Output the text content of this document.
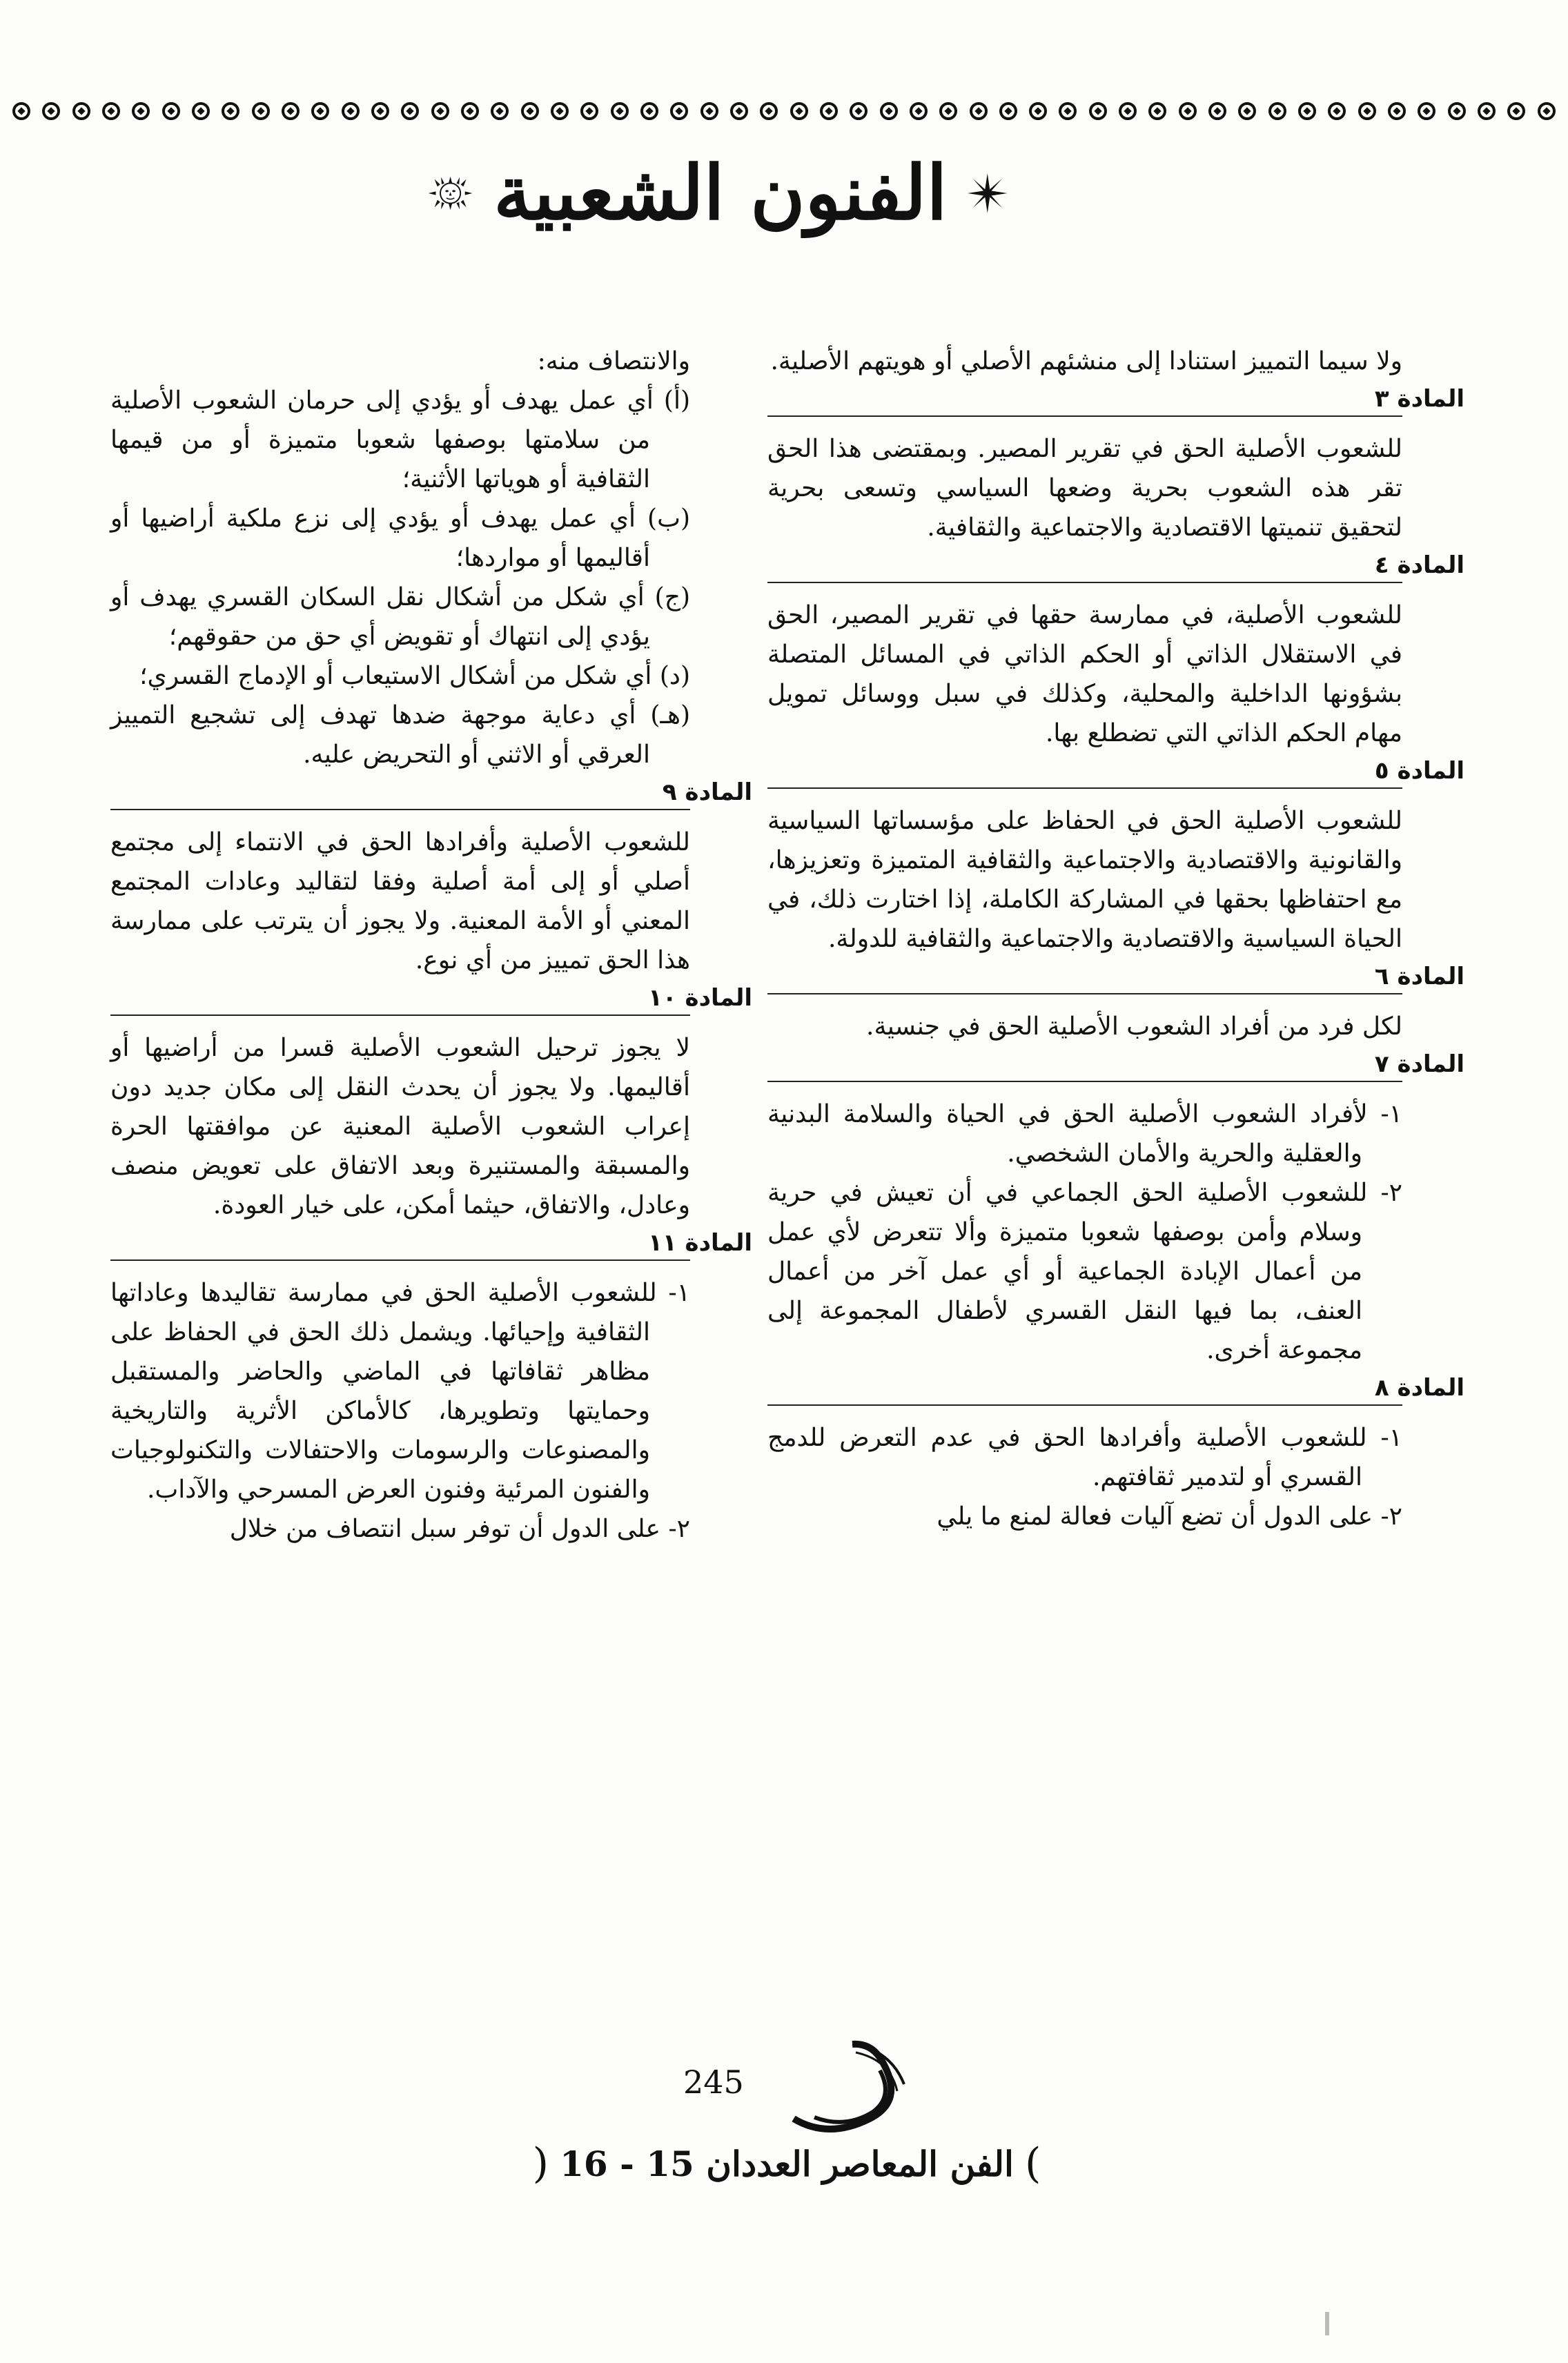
الفنون الشعبية

ولا سيما التمييز استنادا إلى منشئهم الأصلي أو هويتهم الأصلية.

المادة ٣

للشعوب الأصلية الحق في تقرير المصير. وبمقتضى هذا الحق تقر هذه الشعوب بحرية وضعها السياسي وتسعى بحرية لتحقيق تنميتها الاقتصادية والاجتماعية والثقافية.

المادة ٤

للشعوب الأصلية، في ممارسة حقها في تقرير المصير، الحق في الاستقلال الذاتي أو الحكم الذاتي في المسائل المتصلة بشؤونها الداخلية والمحلية، وكذلك في سبل ووسائل تمويل مهام الحكم الذاتي التي تضطلع بها.

المادة ٥

للشعوب الأصلية الحق في الحفاظ على مؤسساتها السياسية والقانونية والاقتصادية والاجتماعية والثقافية المتميزة وتعزيزها، مع احتفاظها بحقها في المشاركة الكاملة، إذا اختارت ذلك، في الحياة السياسية والاقتصادية والاجتماعية والثقافية للدولة.

المادة ٦

لكل فرد من أفراد الشعوب الأصلية الحق في جنسية.

المادة ٧

١- لأفراد الشعوب الأصلية الحق في الحياة والسلامة البدنية والعقلية والحرية والأمان الشخصي.

٢- للشعوب الأصلية الحق الجماعي في أن تعيش في حرية وسلام وأمن بوصفها شعوبا متميزة وألا تتعرض لأي عمل من أعمال الإبادة الجماعية أو أي عمل آخر من أعمال العنف، بما فيها النقل القسري لأطفال المجموعة إلى مجموعة أخرى.

المادة ٨

١- للشعوب الأصلية وأفرادها الحق في عدم التعرض للدمج القسري أو لتدمير ثقافتهم.

٢- على الدول أن تضع آليات فعالة لمنع ما يلي

والانتصاف منه:

(أ) أي عمل يهدف أو يؤدي إلى حرمان الشعوب الأصلية من سلامتها بوصفها شعوبا متميزة أو من قيمها الثقافية أو هوياتها الأثنية؛

(ب) أي عمل يهدف أو يؤدي إلى نزع ملكية أراضيها أو أقاليمها أو مواردها؛

(ج) أي شكل من أشكال نقل السكان القسري يهدف أو يؤدي إلى انتهاك أو تقويض أي حق من حقوقهم؛

(د) أي شكل من أشكال الاستيعاب أو الإدماج القسري؛

(هـ) أي دعاية موجهة ضدها تهدف إلى تشجيع التمييز العرقي أو الاثني أو التحريض عليه.

المادة ٩

للشعوب الأصلية وأفرادها الحق في الانتماء إلى مجتمع أصلي أو إلى أمة أصلية وفقا لتقاليد وعادات المجتمع المعني أو الأمة المعنية. ولا يجوز أن يترتب على ممارسة هذا الحق تمييز من أي نوع.

المادة ١٠

لا يجوز ترحيل الشعوب الأصلية قسرا من أراضيها أو أقاليمها. ولا يجوز أن يحدث النقل إلى مكان جديد دون إعراب الشعوب الأصلية المعنية عن موافقتها الحرة والمسبقة والمستنيرة وبعد الاتفاق على تعويض منصف وعادل، والاتفاق، حيثما أمكن، على خيار العودة.

المادة ١١

١- للشعوب الأصلية الحق في ممارسة تقاليدها وعاداتها الثقافية وإحيائها. ويشمل ذلك الحق في الحفاظ على مظاهر ثقافاتها في الماضي والحاضر والمستقبل وحمايتها وتطويرها، كالأماكن الأثرية والتاريخية والمصنوعات والرسومات والاحتفالات والتكنولوجيات والفنون المرئية وفنون العرض المسرحي والآداب.

٢- على الدول أن توفر سبل انتصاف من خلال

245
)
الفن المعاصر
العددان 15 - 16
(
